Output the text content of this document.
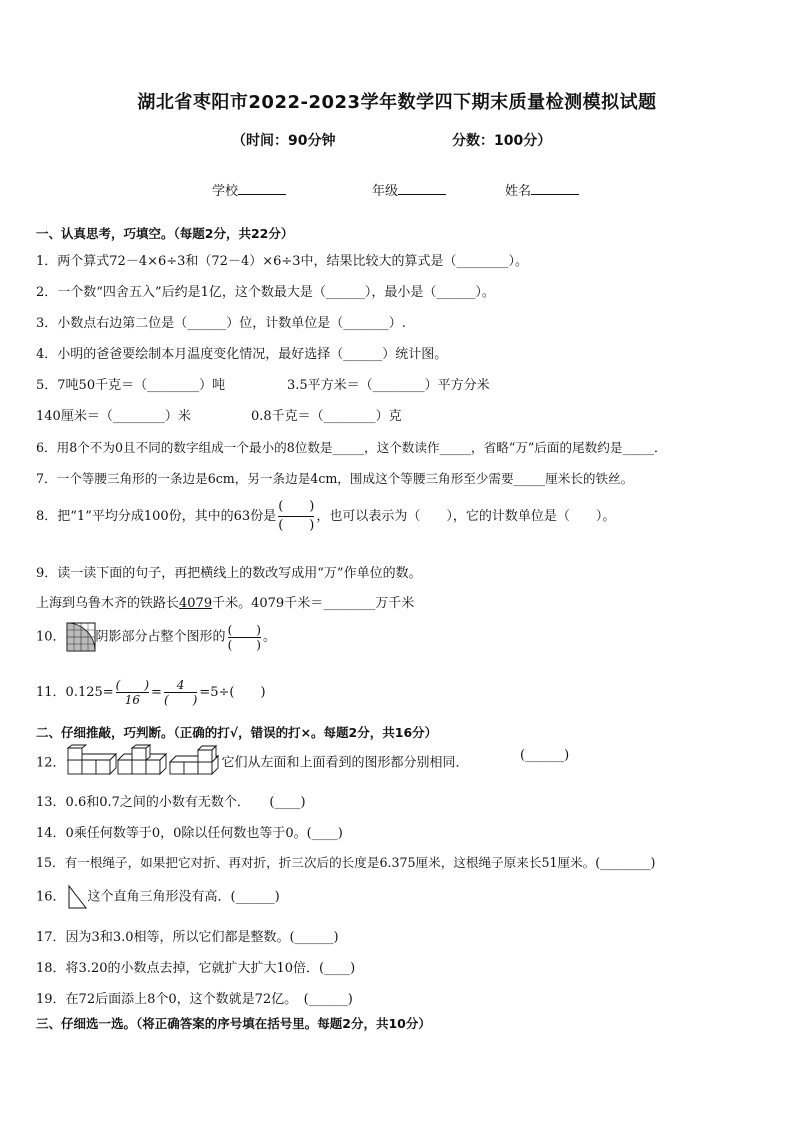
湖北省枣阳市2022-2023学年数学四下期末质量检测模拟试题
（时间：90分钟	分数：100分）
学校	年级	姓名
一、认真思考，巧填空。（每题2分，共22分）
1．两个算式72－4×6÷3和（72－4）×6÷3中，结果比较大的算式是（________）。
2．一个数“四舍五入”后约是1亿，这个数最大是（______），最小是（______）。
3．小数点右边第二位是（______）位，计数单位是（_______）.
4．小明的爸爸要绘制本月温度变化情况，最好选择（______）统计图。
5．7吨50千克＝（________）吨	3.5平方米＝（________）平方分米
140厘米＝（________）米	0.8千克＝（________）克
6．用8个不为0且不同的数字组成一个最小的8位数是_____，这个数读作_____，省略“万”后面的尾数约是_____．
7．一个等腰三角形的一条边是6cm，另一条边是4cm，围成这个等腰三角形至少需要_____厘米长的铁丝。
8．把“1”平均分成100份，其中的63份是 $\frac{( )}{( )}$ ，也可以表示为（　　），它的计数单位是（　　）。
9．读一读下面的句子，再把横线上的数改写成用“万”作单位的数。
上海到乌鲁木齐的铁路长4079千米。4079千米＝________万千米
10． 阴影部分占整个图形的 $\frac{( )}{( )}$ 。
11．$0.125= \frac{( )}{16} = \frac{4}{( )} =5\div$(　　)
二、仔细推敲，巧判断。（正确的打√，错误的打×。每题2分，共16分）
12．	它们从左面和上面看到的图形都分别相同．	(______)
13．0.6和0.7之间的小数有无数个．　　(____)
14．0乘任何数等于0，0除以任何数也等于0。(____)
15．有一根绳子，如果把它对折、再对折，折三次后的长度是6.375厘米，这根绳子原来长51厘米。(________)
16． 这个直角三角形没有高．(______)
17．因为3和3.0相等，所以它们都是整数。(______)
18．将3.20的小数点去掉，它就扩大扩大10倍．(____)
19．在72后面添上8个0，这个数就是72亿。　(______)
三、仔细选一选。（将正确答案的序号填在括号里。每题2分，共10分）
